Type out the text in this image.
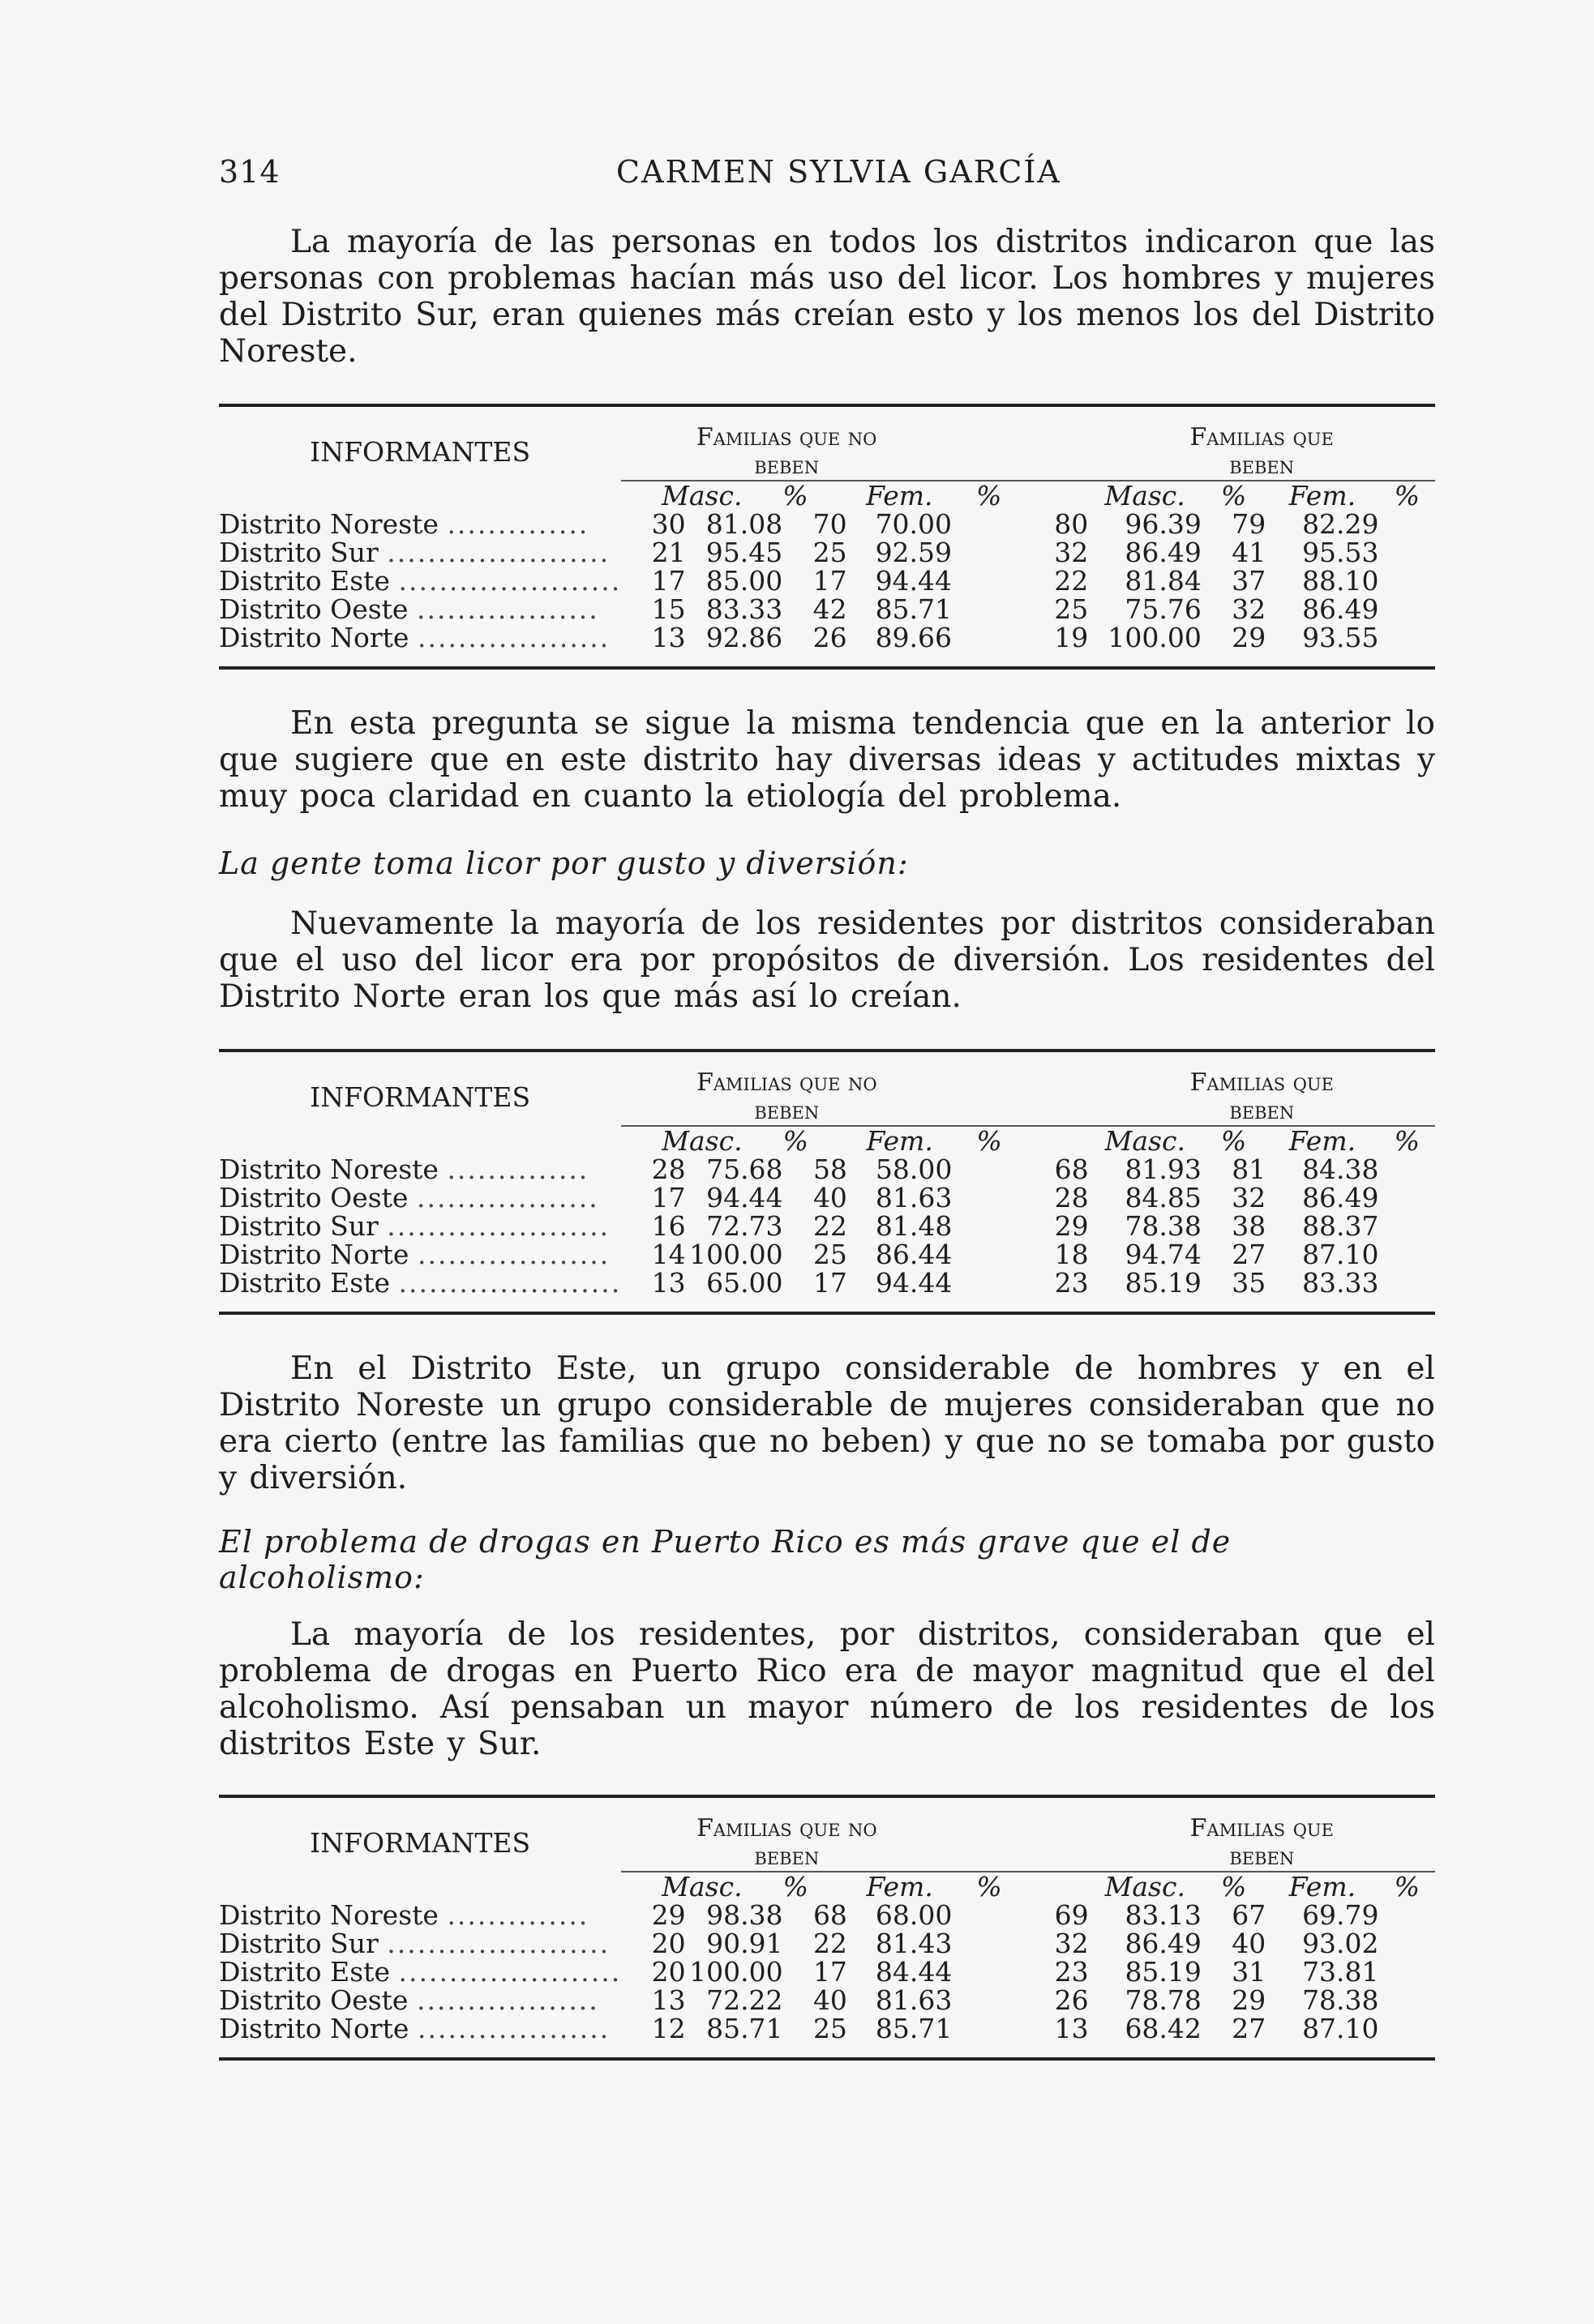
314	CARMEN SYLVIA GARCÍA

La mayoría de las personas en todos los distritos indicaron que las personas con problemas hacían más uso del licor. Los hombres y mujeres del Distrito Sur, eran quienes más creían esto y los menos los del Distrito Noreste.

INFORMANTES	Familias que no					Familias que			
	beben					beben			

	Masc.		%	Fem.	%	Masc.	%	Fem.	%
Distrito Noreste ..............	30	81.08	70	70.00	80	96.39	79	82.29	
Distrito Sur ......................	21	95.45	25	92.59	32	86.49	41	95.53	
Distrito Este ......................	17	85.00	17	94.44	22	81.84	37	88.10	
Distrito Oeste ..................	15	83.33	42	85.71	25	75.76	32	86.49	
Distrito Norte ...................	13	92.86	26	89.66	19	100.00	29	93.55	

En esta pregunta se sigue la misma tendencia que en la anterior lo que sugiere que en este distrito hay diversas ideas y actitudes mixtas y muy poca claridad en cuanto la etiología del problema.

La gente toma licor por gusto y diversión:

Nuevamente la mayoría de los residentes por distritos consideraban que el uso del licor era por propósitos de diversión. Los residentes del Distrito Norte eran los que más así lo creían.

INFORMANTES	Familias que no					Familias que			
	beben					beben			

	Masc.		%	Fem.	%	Masc.	%	Fem.	%
Distrito Noreste ..............	28	75.68	58	58.00	68	81.93	81	84.38	
Distrito Oeste ..................	17	94.44	40	81.63	28	84.85	32	86.49	
Distrito Sur ......................	16	72.73	22	81.48	29	78.38	38	88.37	
Distrito Norte ...................	14	100.00	25	86.44	18	94.74	27	87.10	
Distrito Este ......................	13	65.00	17	94.44	23	85.19	35	83.33	

En el Distrito Este, un grupo considerable de hombres y en el Distrito Noreste un grupo considerable de mujeres consideraban que no era cierto (entre las familias que no beben) y que no se tomaba por gusto y diversión.

El problema de drogas en Puerto Rico es más grave que el de alcoholismo:

La mayoría de los residentes, por distritos, consideraban que el problema de drogas en Puerto Rico era de mayor magnitud que el del alcoholismo. Así pensaban un mayor número de los residentes de los distritos Este y Sur.

INFORMANTES	Familias que no					Familias que			
	beben					beben			

	Masc.		%	Fem.	%	Masc.	%	Fem.	%
Distrito Noreste ..............	29	98.38	68	68.00	69	83.13	67	69.79	
Distrito Sur ......................	20	90.91	22	81.43	32	86.49	40	93.02	
Distrito Este ......................	20	100.00	17	84.44	23	85.19	31	73.81	
Distrito Oeste ..................	13	72.22	40	81.63	26	78.78	29	78.38	
Distrito Norte ...................	12	85.71	25	85.71	13	68.42	27	87.10	
